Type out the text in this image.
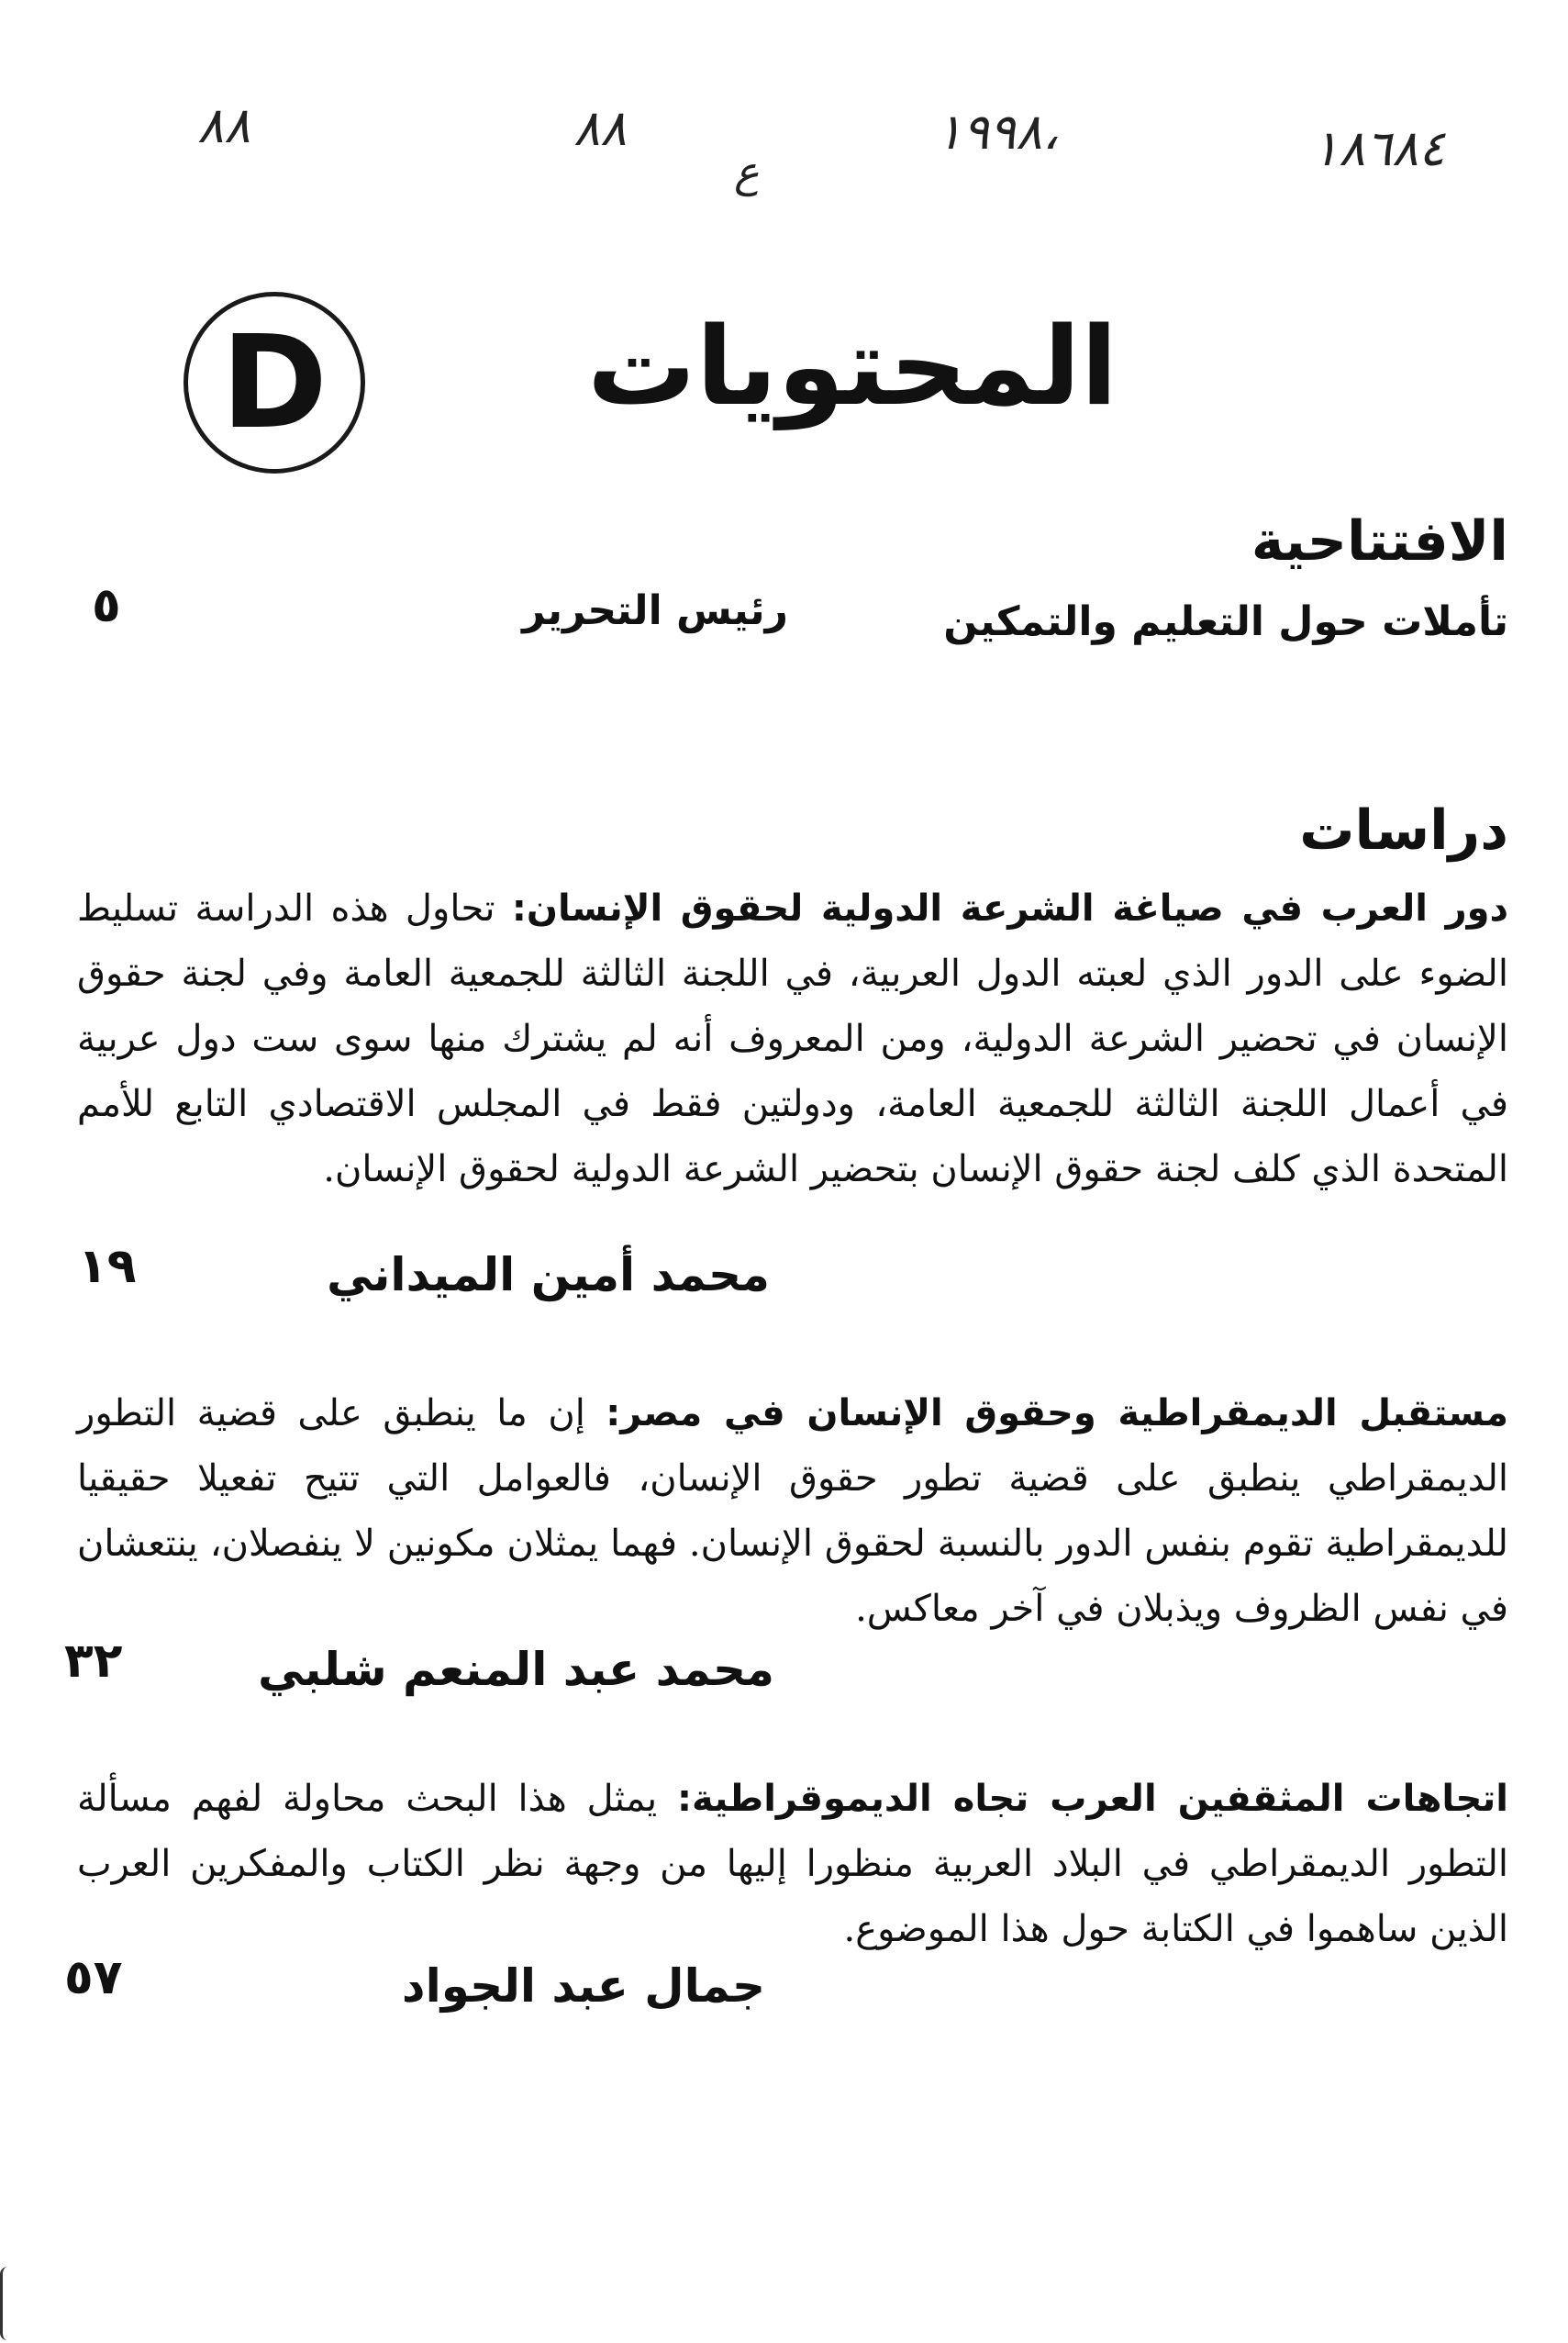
٨٨	٨٨
ع
١٩٩٨،	١٨٦٨٤
D المحتويات
الافتتاحية
تأملات حول التعليم والتمكين
رئيس التحرير
٥
دراسات
دور العرب في صياغة الشرعة الدولية لحقوق الإنسان: تحاول هذه الدراسة تسليط الضوء على الدور الذي لعبته الدول العربية، في اللجنة الثالثة للجمعية العامة وفي لجنة حقوق الإنسان في تحضير الشرعة الدولية، ومن المعروف أنه لم يشترك منها سوى ست دول عربية في أعمال اللجنة الثالثة للجمعية العامة، ودولتين فقط في المجلس الاقتصادي التابع للأمم المتحدة الذي كلف لجنة حقوق الإنسان بتحضير الشرعة الدولية لحقوق الإنسان.
محمد أمين الميداني
١٩
مستقبل الديمقراطية وحقوق الإنسان في مصر: إن ما ينطبق على قضية التطور الديمقراطي ينطبق على قضية تطور حقوق الإنسان، فالعوامل التي تتيح تفعيلا حقيقيا للديمقراطية تقوم بنفس الدور بالنسبة لحقوق الإنسان. فهما يمثلان مكونين لا ينفصلان، ينتعشان في نفس الظروف ويذبلان في آخر معاكس.
محمد عبد المنعم شلبي
٣٢
اتجاهات المثقفين العرب تجاه الديموقراطية: يمثل هذا البحث محاولة لفهم مسألة التطور الديمقراطي في البلاد العربية منظورا إليها من وجهة نظر الكتاب والمفكرين العرب الذين ساهموا في الكتابة حول هذا الموضوع.
جمال عبد الجواد
٥٧
